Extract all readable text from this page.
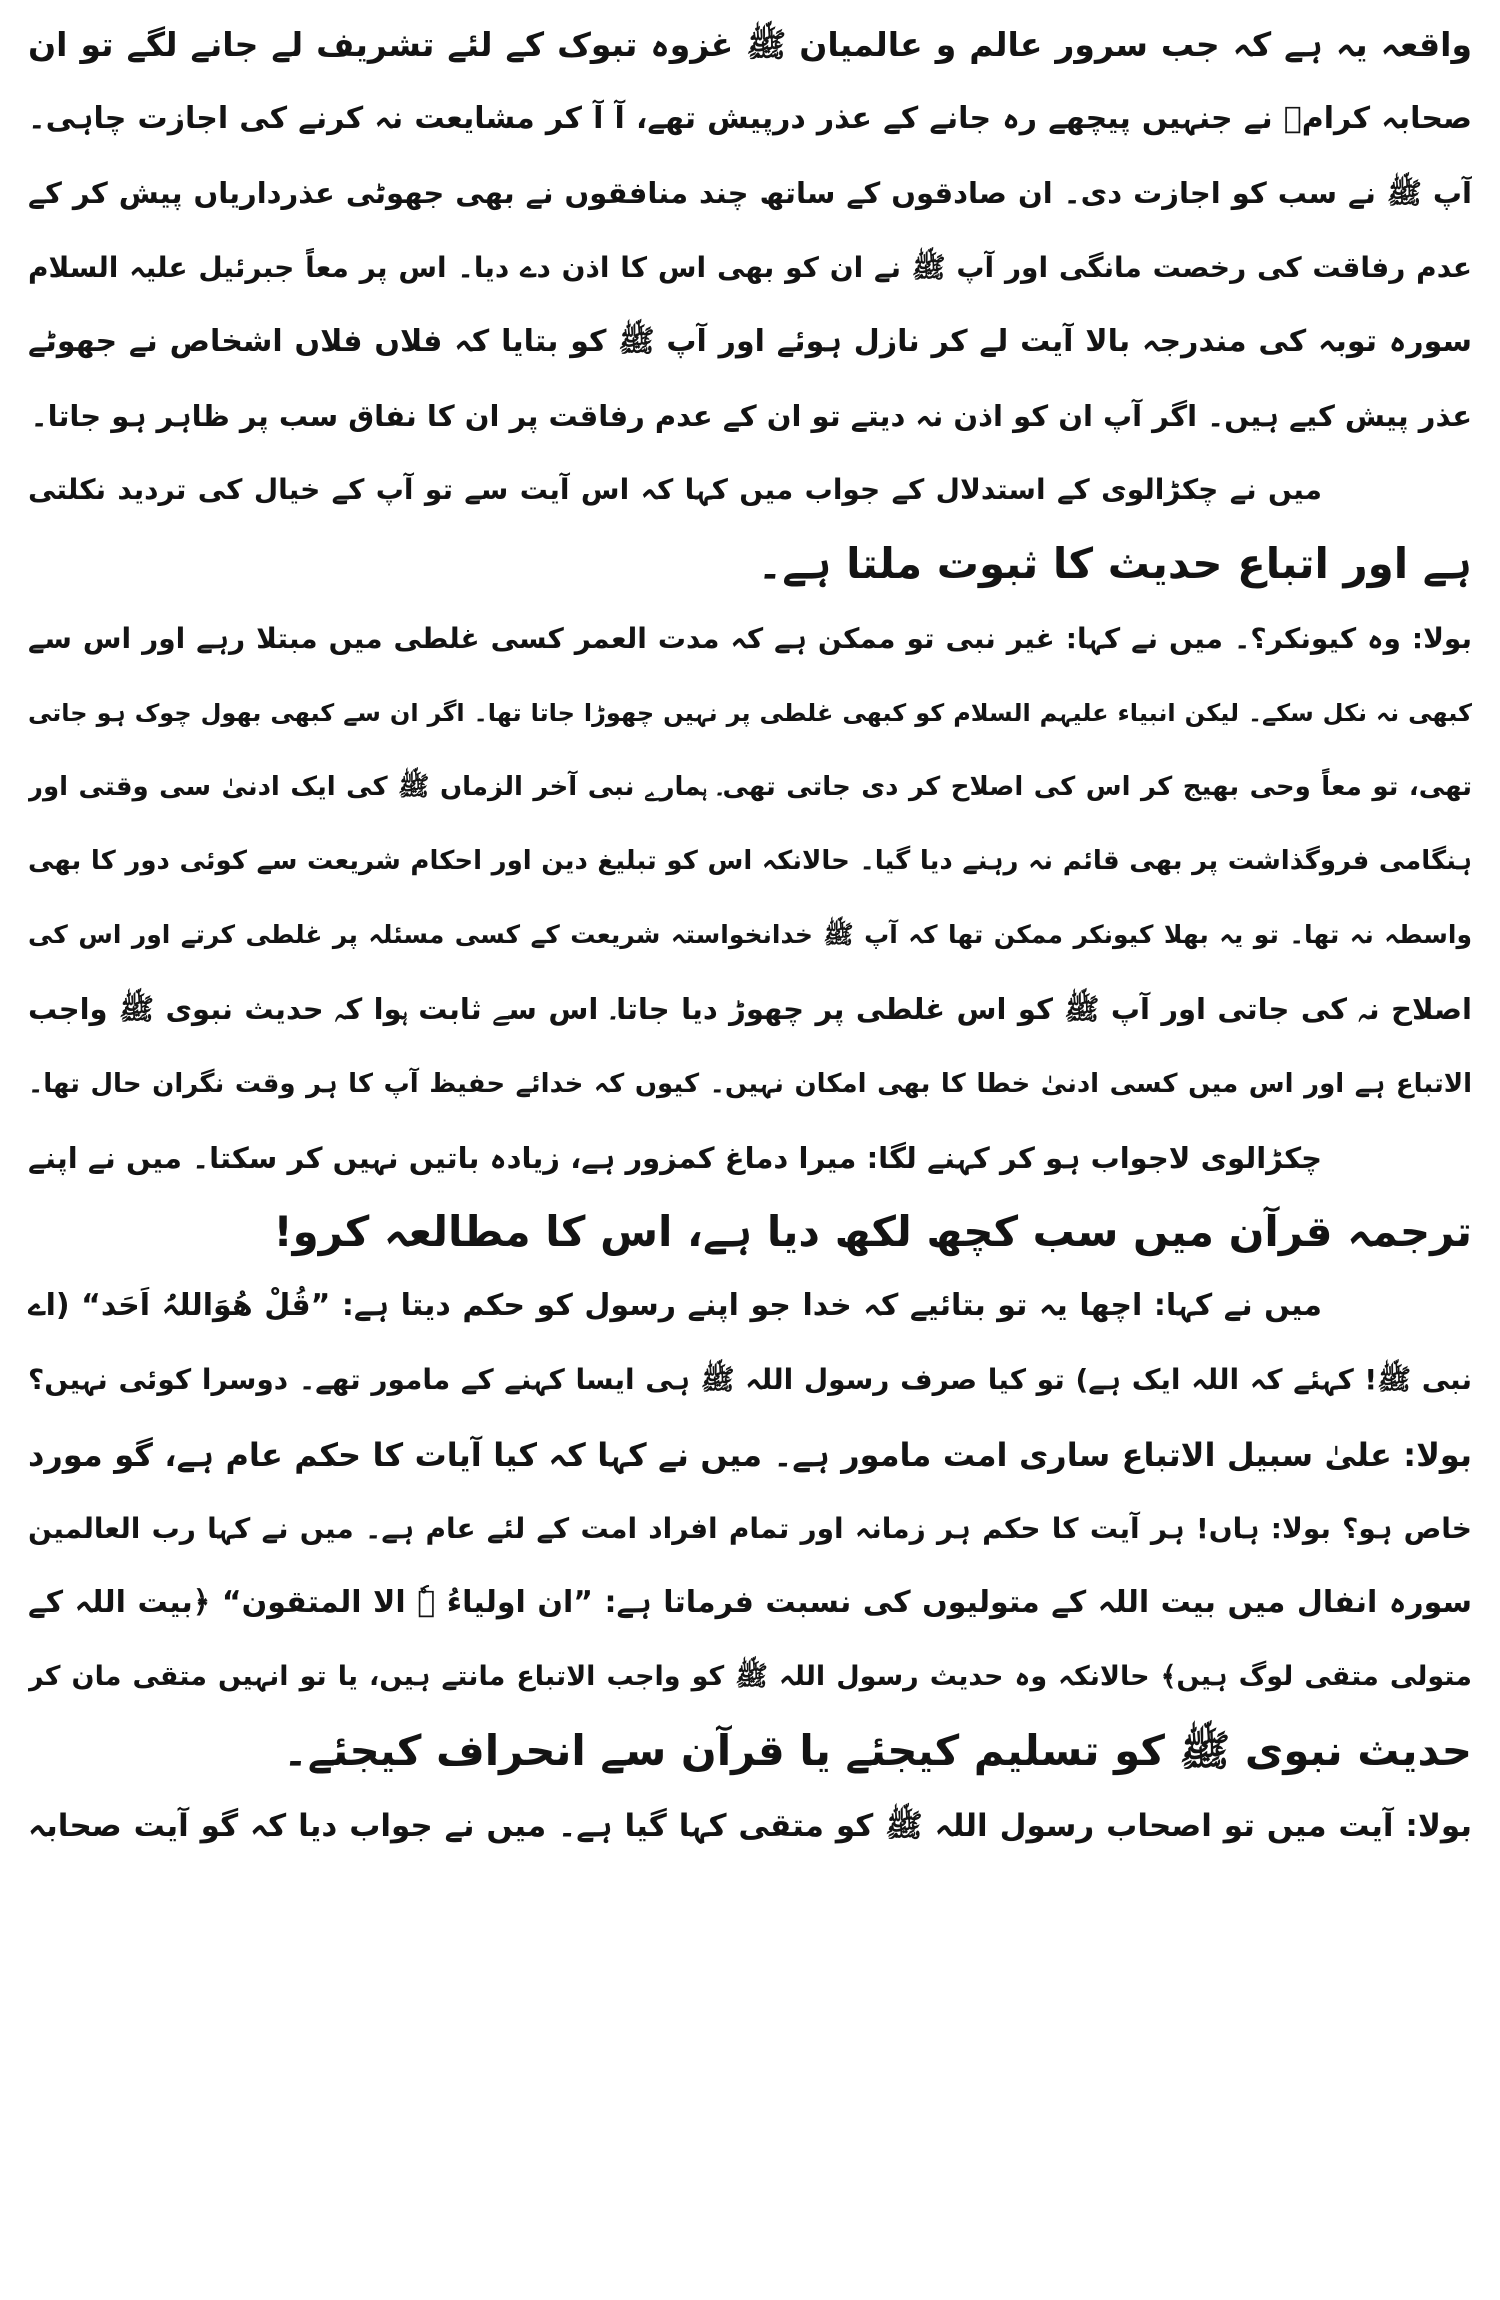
واقعہ یہ ہے کہ جب سرور عالم و عالمیان ﷺ غزوہ تبوک کے لئے تشریف لے جانے لگے تو ان
صحابہ کرامؓ نے جنہیں پیچھے رہ جانے کے عذر درپیش تھے، آ آ کر مشایعت نہ کرنے کی اجازت چاہی۔
آپ ﷺ نے سب کو اجازت دی۔ ان صادقوں کے ساتھ چند منافقوں نے بھی جھوٹی عذرداریاں پیش کر کے
عدم رفاقت کی رخصت مانگی اور آپ ﷺ نے ان کو بھی اس کا اذن دے دیا۔ اس پر معاً جبرئیل علیہ السلام
سورہ توبہ کی مندرجہ بالا آیت لے کر نازل ہوئے اور آپ ﷺ کو بتایا کہ فلاں فلاں اشخاص نے جھوٹے
عذر پیش کیے ہیں۔ اگر آپ ان کو اذن نہ دیتے تو ان کے عدم رفاقت پر ان کا نفاق سب پر ظاہر ہو جاتا۔
میں نے چکڑالوی کے استدلال کے جواب میں کہا کہ اس آیت سے تو آپ کے خیال کی تردید نکلتی
ہے اور اتباع حدیث کا ثبوت ملتا ہے۔
بولا: وہ کیونکر؟۔ میں نے کہا: غیر نبی تو ممکن ہے کہ مدت العمر کسی غلطی میں مبتلا رہے اور اس سے
کبھی نہ نکل سکے۔ لیکن انبیاء علیہم السلام کو کبھی غلطی پر نہیں چھوڑا جاتا تھا۔ اگر ان سے کبھی بھول چوک ہو جاتی
تھی، تو معاً وحی بھیج کر اس کی اصلاح کر دی جاتی تھی۔ ہمارے نبی آخر الزماں ﷺ کی ایک ادنیٰ سی وقتی اور
ہنگامی فروگذاشت پر بھی قائم نہ رہنے دیا گیا۔ حالانکہ اس کو تبلیغ دین اور احکام شریعت سے کوئی دور کا بھی
واسطہ نہ تھا۔ تو یہ بھلا کیونکر ممکن تھا کہ آپ ﷺ خدانخواستہ شریعت کے کسی مسئلہ پر غلطی کرتے اور اس کی
اصلاح نہ کی جاتی اور آپ ﷺ کو اس غلطی پر چھوڑ دیا جاتا۔ اس سے ثابت ہوا کہ حدیث نبوی ﷺ واجب
الاتباع ہے اور اس میں کسی ادنیٰ خطا کا بھی امکان نہیں۔ کیوں کہ خدائے حفیظ آپ کا ہر وقت نگران حال تھا۔
چکڑالوی لاجواب ہو کر کہنے لگا: میرا دماغ کمزور ہے، زیادہ باتیں نہیں کر سکتا۔ میں نے اپنے
ترجمہ قرآن میں سب کچھ لکھ دیا ہے، اس کا مطالعہ کرو!
میں نے کہا: اچھا یہ تو بتائیے کہ خدا جو اپنے رسول کو حکم دیتا ہے: ”قُلْ ھُوَاللہُ اَحَد“ (اے
نبی ﷺ! کہئے کہ اللہ ایک ہے) تو کیا صرف رسول اللہ ﷺ ہی ایسا کہنے کے مامور تھے۔ دوسرا کوئی نہیں؟
بولا: علیٰ سبیل الاتباع ساری امت مامور ہے۔ میں نے کہا کہ کیا آیات کا حکم عام ہے، گو مورد
خاص ہو؟ بولا: ہاں! ہر آیت کا حکم ہر زمانہ اور تمام افراد امت کے لئے عام ہے۔ میں نے کہا رب العالمین
سورہ انفال میں بیت اللہ کے متولیوں کی نسبت فرماتا ہے: ”ان اولیاءُ ہٗ الا المتقون“ ﴿بیت اللہ کے
متولی متقی لوگ ہیں﴾ حالانکہ وہ حدیث رسول اللہ ﷺ کو واجب الاتباع مانتے ہیں، یا تو انہیں متقی مان کر
حدیث نبوی ﷺ کو تسلیم کیجئے یا قرآن سے انحراف کیجئے۔
بولا: آیت میں تو اصحاب رسول اللہ ﷺ کو متقی کہا گیا ہے۔ میں نے جواب دیا کہ گو آیت صحابہ
